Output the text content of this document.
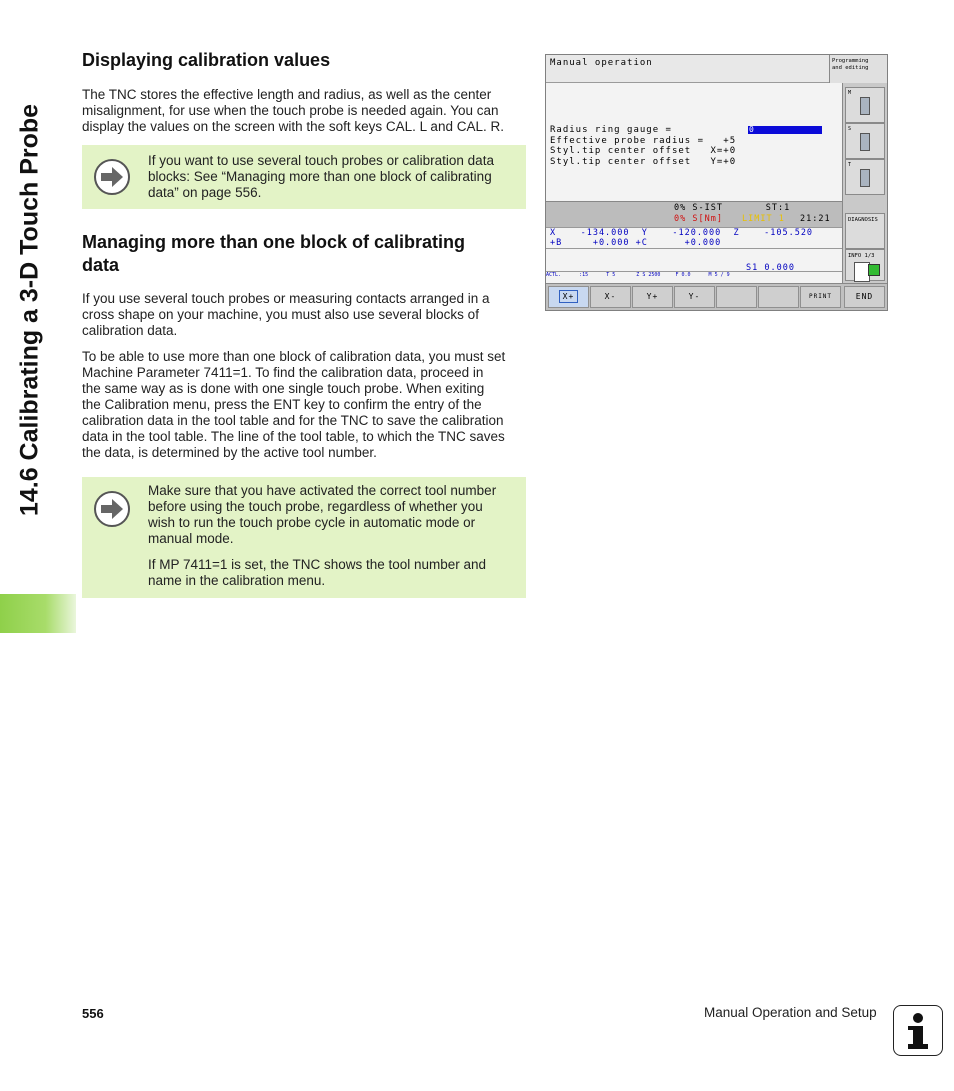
14.6 Calibrating a 3-D Touch Probe
Displaying calibration values
The TNC stores the effective length and radius, as well as the center
misalignment, for use when the touch probe is needed again. You can
display the values on the screen with the soft keys CAL. L and CAL. R.
If you want to use several touch probes or calibration data
blocks: See “Managing more than one block of calibrating
data” on page 556.
Managing more than one block of calibrating
data
If you use several touch probes or measuring contacts arranged in a
cross shape on your machine, you must also use several blocks of
calibration data.
To be able to use more than one block of calibration data, you must set
Machine Parameter 7411=1. To find the calibration data, proceed in
the same way as is done with one single touch probe. When exiting
the Calibration menu, press the ENT key to confirm the entry of the
calibration data in the tool table and for the TNC to save the calibration
data in the tool table. The line of the tool table, to which the TNC saves
the data, is determined by the active tool number.
Make sure that you have activated the correct tool number
before using the touch probe, regardless of whether you
wish to run the touch probe cycle in automatic mode or
manual mode.
If MP 7411=1 is set, the TNC shows the tool number and
name in the calibration menu.
Manual operation	Programming
and editing
Radius ring gauge =	0
Effective probe radius =   +5
Styl.tip center offset   X=+0
Styl.tip center offset   Y=+0
0% S-IST       ST:1
0% S[Nm] LIMIT 1 21:21
X    -134.000  Y    -120.000  Z    -105.520
+B     +0.000 +C      +0.000
S1 0.000
ACTL.      :15      T 5       Z S 2500     F 0.0      M 5 / 9
M
S
T
DIAGNOSIS
INFO 1/3
X+	X-	Y+	Y-	PRINT	END
556	Manual Operation and Setup
